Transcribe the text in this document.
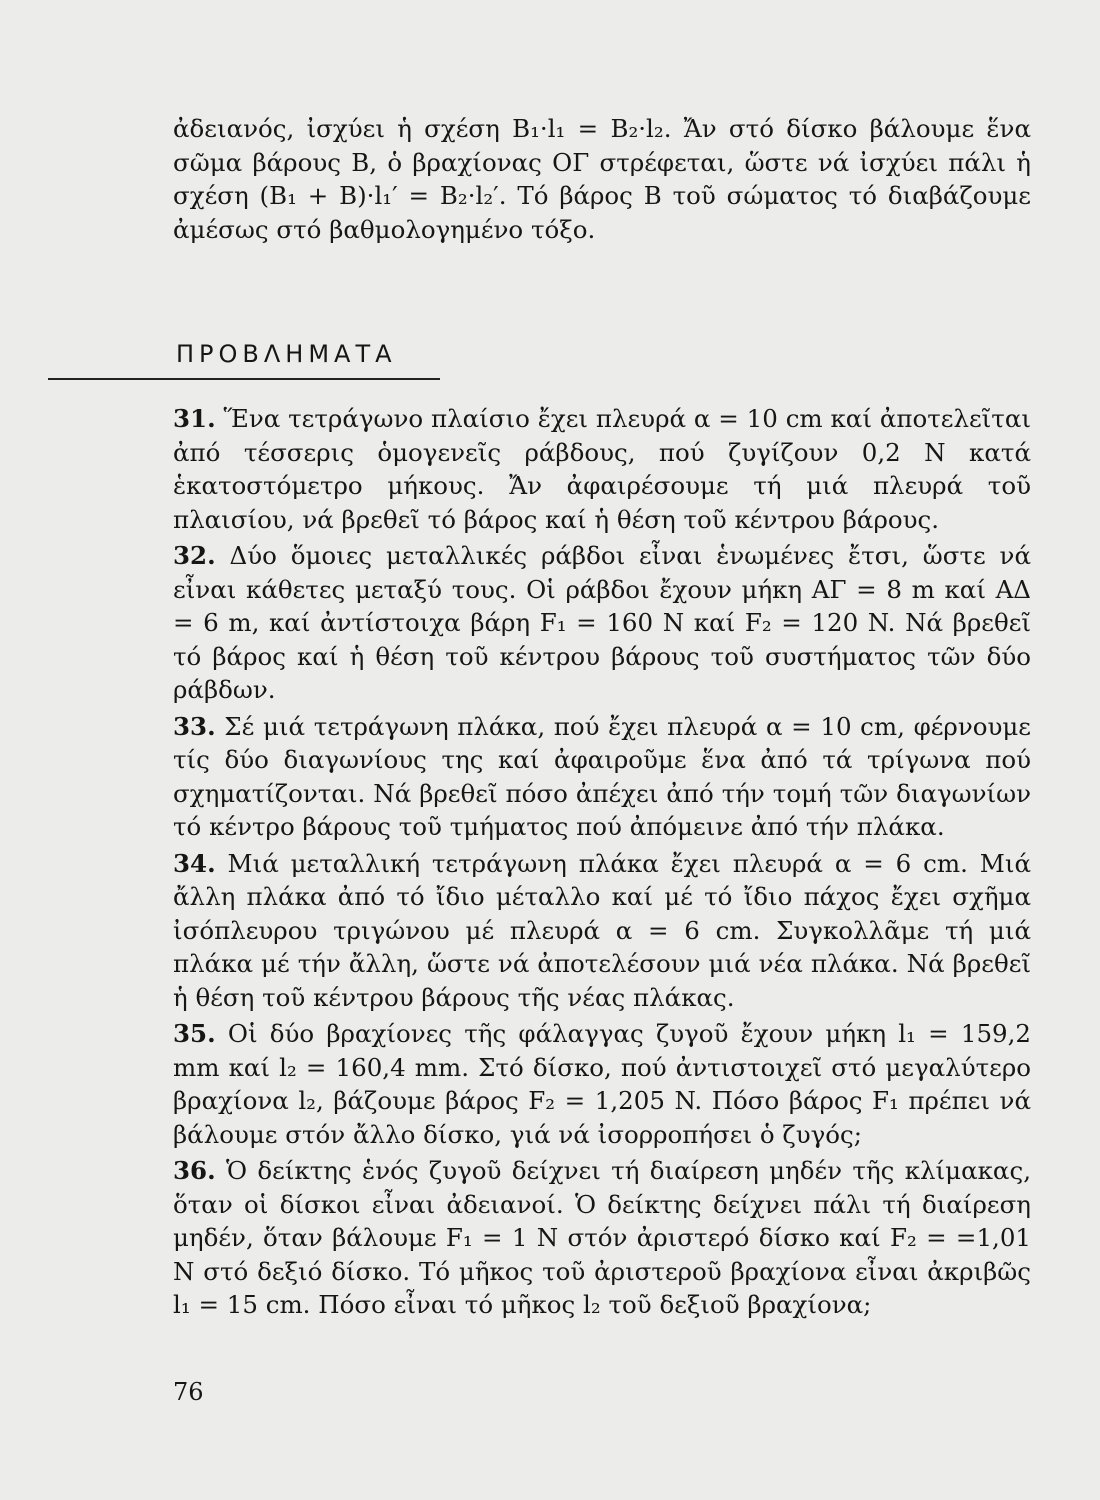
ἀδειανός, ἰσχύει ἡ σχέση B₁·l₁ = B₂·l₂. Ἄν στό δίσκο βάλουμε ἕνα σῶμα βάρους B, ὁ βραχίονας ΟΓ στρέφεται, ὥστε νά ἰσχύει πάλι ἡ σχέση (B₁ + B)·l₁′ = B₂·l₂′. Τό βάρος B τοῦ σώματος τό διαβάζουμε ἀμέσως στό βαθμολογημένο τόξο.

ΠΡΟΒΛΗΜΑΤΑ

31. Ἕνα τετράγωνο πλαίσιο ἔχει πλευρά α = 10 cm καί ἀποτελεῖται ἀπό τέσσερις ὁμογενεῖς ράβδους, πού ζυγίζουν 0,2 N κατά ἑκατοστόμετρο μήκους. Ἄν ἀφαιρέσουμε τή μιά πλευρά τοῦ πλαισίου, νά βρεθεῖ τό βάρος καί ἡ θέση τοῦ κέντρου βάρους.

32. Δύο ὅμοιες μεταλλικές ράβδοι εἶναι ἑνωμένες ἔτσι, ὥστε νά εἶναι κάθετες μεταξύ τους. Οἱ ράβδοι ἔχουν μήκη ΑΓ = 8 m καί ΑΔ = 6 m, καί ἀντίστοιχα βάρη F₁ = 160 N καί F₂ = 120 N. Νά βρεθεῖ τό βάρος καί ἡ θέση τοῦ κέντρου βάρους τοῦ συστήματος τῶν δύο ράβδων.

33. Σέ μιά τετράγωνη πλάκα, πού ἔχει πλευρά α = 10 cm, φέρνουμε τίς δύο διαγωνίους της καί ἀφαιροῦμε ἕνα ἀπό τά τρίγωνα πού σχηματίζονται. Νά βρεθεῖ πόσο ἀπέχει ἀπό τήν τομή τῶν διαγωνίων τό κέντρο βάρους τοῦ τμήματος πού ἀπόμεινε ἀπό τήν πλάκα.

34. Μιά μεταλλική τετράγωνη πλάκα ἔχει πλευρά α = 6 cm. Μιά ἄλλη πλάκα ἀπό τό ἴδιο μέταλλο καί μέ τό ἴδιο πάχος ἔχει σχῆμα ἰσόπλευρου τριγώνου μέ πλευρά α = 6 cm. Συγκολλᾶμε τή μιά πλάκα μέ τήν ἄλλη, ὥστε νά ἀποτελέσουν μιά νέα πλάκα. Νά βρεθεῖ ἡ θέση τοῦ κέντρου βάρους τῆς νέας πλάκας.

35. Οἱ δύο βραχίονες τῆς φάλαγγας ζυγοῦ ἔχουν μήκη l₁ = 159,2 mm καί l₂ = 160,4 mm. Στό δίσκο, πού ἀντιστοιχεῖ στό μεγαλύτερο βραχίονα l₂, βάζουμε βάρος F₂ = 1,205 N. Πόσο βάρος F₁ πρέπει νά βάλουμε στόν ἄλλο δίσκο, γιά νά ἰσορροπήσει ὁ ζυγός;

36. Ὁ δείκτης ἑνός ζυγοῦ δείχνει τή διαίρεση μηδέν τῆς κλίμακας, ὅταν οἱ δίσκοι εἶναι ἀδειανοί. Ὁ δείκτης δείχνει πάλι τή διαίρεση μηδέν, ὅταν βάλουμε F₁ = 1 N στόν ἀριστερό δίσκο καί F₂ = =1,01 N στό δεξιό δίσκο. Τό μῆκος τοῦ ἀριστεροῦ βραχίονα εἶναι ἀκριβῶς l₁ = 15 cm. Πόσο εἶναι τό μῆκος l₂ τοῦ δεξιοῦ βραχίονα;

76
